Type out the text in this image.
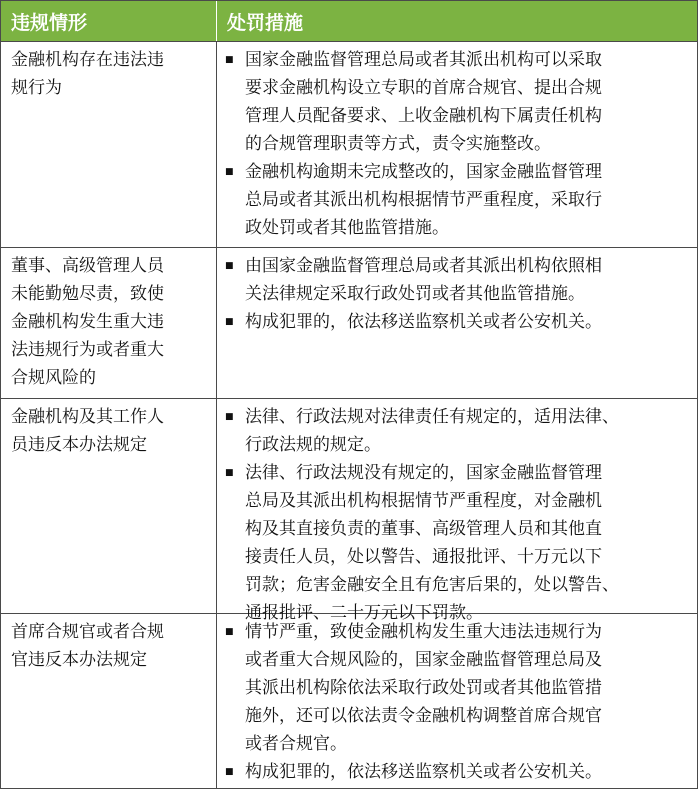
违规情形	处罚措施
金融机构存在违法违
规行为
■ 国家金融监督管理总局或者其派出机构可以采取
要求金融机构设立专职的首席合规官、提出合规
管理人员配备要求、上收金融机构下属责任机构
的合规管理职责等方式，责令实施整改。
■ 金融机构逾期未完成整改的，国家金融监督管理
总局或者其派出机构根据情节严重程度，采取行
政处罚或者其他监管措施。
董事、高级管理人员
未能勤勉尽责，致使
金融机构发生重大违
法违规行为或者重大
合规风险的
■ 由国家金融监督管理总局或者其派出机构依照相
关法律规定采取行政处罚或者其他监管措施。
■ 构成犯罪的，依法移送监察机关或者公安机关。
金融机构及其工作人
员违反本办法规定
■ 法律、行政法规对法律责任有规定的，适用法律、
行政法规的规定。
■ 法律、行政法规没有规定的，国家金融监督管理
总局及其派出机构根据情节严重程度，对金融机
构及其直接负责的董事、高级管理人员和其他直
接责任人员，处以警告、通报批评、十万元以下
罚款；危害金融安全且有危害后果的，处以警告、
通报批评、二十万元以下罚款。
首席合规官或者合规
官违反本办法规定
■ 情节严重，致使金融机构发生重大违法违规行为
或者重大合规风险的，国家金融监督管理总局及
其派出机构除依法采取行政处罚或者其他监管措
施外，还可以依法责令金融机构调整首席合规官
或者合规官。
■ 构成犯罪的，依法移送监察机关或者公安机关。
